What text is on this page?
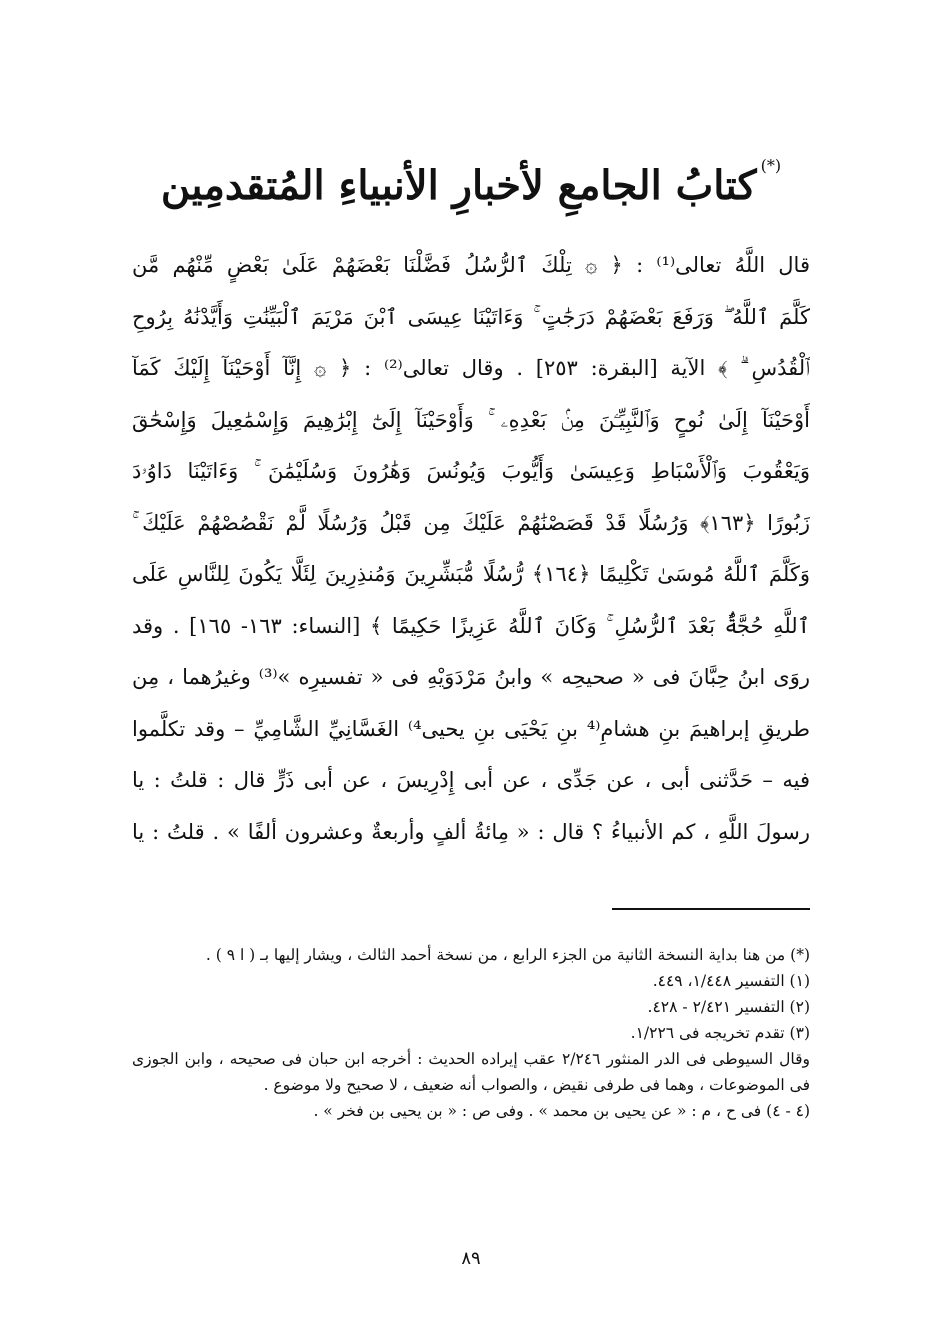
(*)كتابُ الجامعِ لأخبارِ الأنبياءِ المُتقدمِين
قال اللَّهُ تعالى⁽¹⁾ : ﴿ ۞ تِلْكَ ٱلرُّسُلُ فَضَّلْنَا بَعْضَهُمْ عَلَىٰ بَعْضٍ مِّنْهُم مَّن
كَلَّمَ ٱللَّهُ ۖ وَرَفَعَ بَعْضَهُمْ دَرَجَٰتٍ ۚ وَءَاتَيْنَا عِيسَى ٱبْنَ مَرْيَمَ ٱلْبَيِّنَٰتِ وَأَيَّدْنَٰهُ بِرُوحِ
ٱلْقُدُسِ ۗ ﴾ الآية [البقرة: ٢٥٣] . وقال تعالى⁽²⁾ : ﴿ ۞ إِنَّآ أَوْحَيْنَآ إِلَيْكَ كَمَآ
أَوْحَيْنَآ إِلَىٰ نُوحٍ وَٱلنَّبِيِّـۧنَ مِنۢ بَعْدِهِۦ ۚ وَأَوْحَيْنَآ إِلَىٰٓ إِبْرَٰهِيمَ وَإِسْمَٰعِيلَ وَإِسْحَٰقَ
وَيَعْقُوبَ وَٱلْأَسْبَاطِ وَعِيسَىٰ وَأَيُّوبَ وَيُونُسَ وَهَٰرُونَ وَسُلَيْمَٰنَ ۚ وَءَاتَيْنَا دَاوُۥدَ
زَبُورًا ﴿١٦٣﴾ وَرُسُلًا قَدْ قَصَصْنَٰهُمْ عَلَيْكَ مِن قَبْلُ وَرُسُلًا لَّمْ نَقْصُصْهُمْ عَلَيْكَ ۚ
وَكَلَّمَ ٱللَّهُ مُوسَىٰ تَكْلِيمًا ﴿١٦٤﴾ رُّسُلًا مُّبَشِّرِينَ وَمُنذِرِينَ لِئَلَّا يَكُونَ لِلنَّاسِ عَلَى
ٱللَّهِ حُجَّةٌۢ بَعْدَ ٱلرُّسُلِ ۚ وَكَانَ ٱللَّهُ عَزِيزًا حَكِيمًا ﴾ [النساء: ١٦٣- ١٦٥] . وقد
روَى ابنُ حِبَّانَ فى « صحيحِه » وابنُ مَرْدَوَيْهِ فى « تفسيرِه »⁽³⁾ وغيرُهما ، مِن
طريقِ إبراهيمَ بنِ هشامِ⁽⁴ بنِ يَحْيَى بنِ يحيى⁴⁾ الغَسَّانِيِّ الشَّامِيِّ – وقد تكلَّموا
فيه – حَدَّثنى أبى ، عن جَدِّى ، عن أبى إِدْرِيسَ ، عن أبى ذَرٍّ قال : قلتُ : يا
رسولَ اللَّهِ ، كم الأنبياءُ ؟ قال : « مِائةُ ألفٍ وأربعةٌ وعشرون ألفًا » . قلتُ : يا
(*) من هنا بداية النسخة الثانية من الجزء الرابع ، من نسخة أحمد الثالث ، ويشار إليها بـ ( ا ٩ ) .
(١) التفسير ١/٤٤٨، ٤٤٩.
(٢) التفسير ٢/٤٢١ - ٤٢٨.
(٣) تقدم تخريجه فى ١/٢٢٦.
وقال السيوطى فى الدر المنثور ٢/٢٤٦ عقب إيراده الحديث : أخرجه ابن حبان فى صحيحه ، وابن الجوزى فى الموضوعات ، وهما فى طرفى نقيض ، والصواب أنه ضعيف ، لا صحيح ولا موضوع .
(٤ - ٤) فى ح ، م : « عن يحيى بن محمد » . وفى ص : « بن يحيى بن فخر » .
٨٩
